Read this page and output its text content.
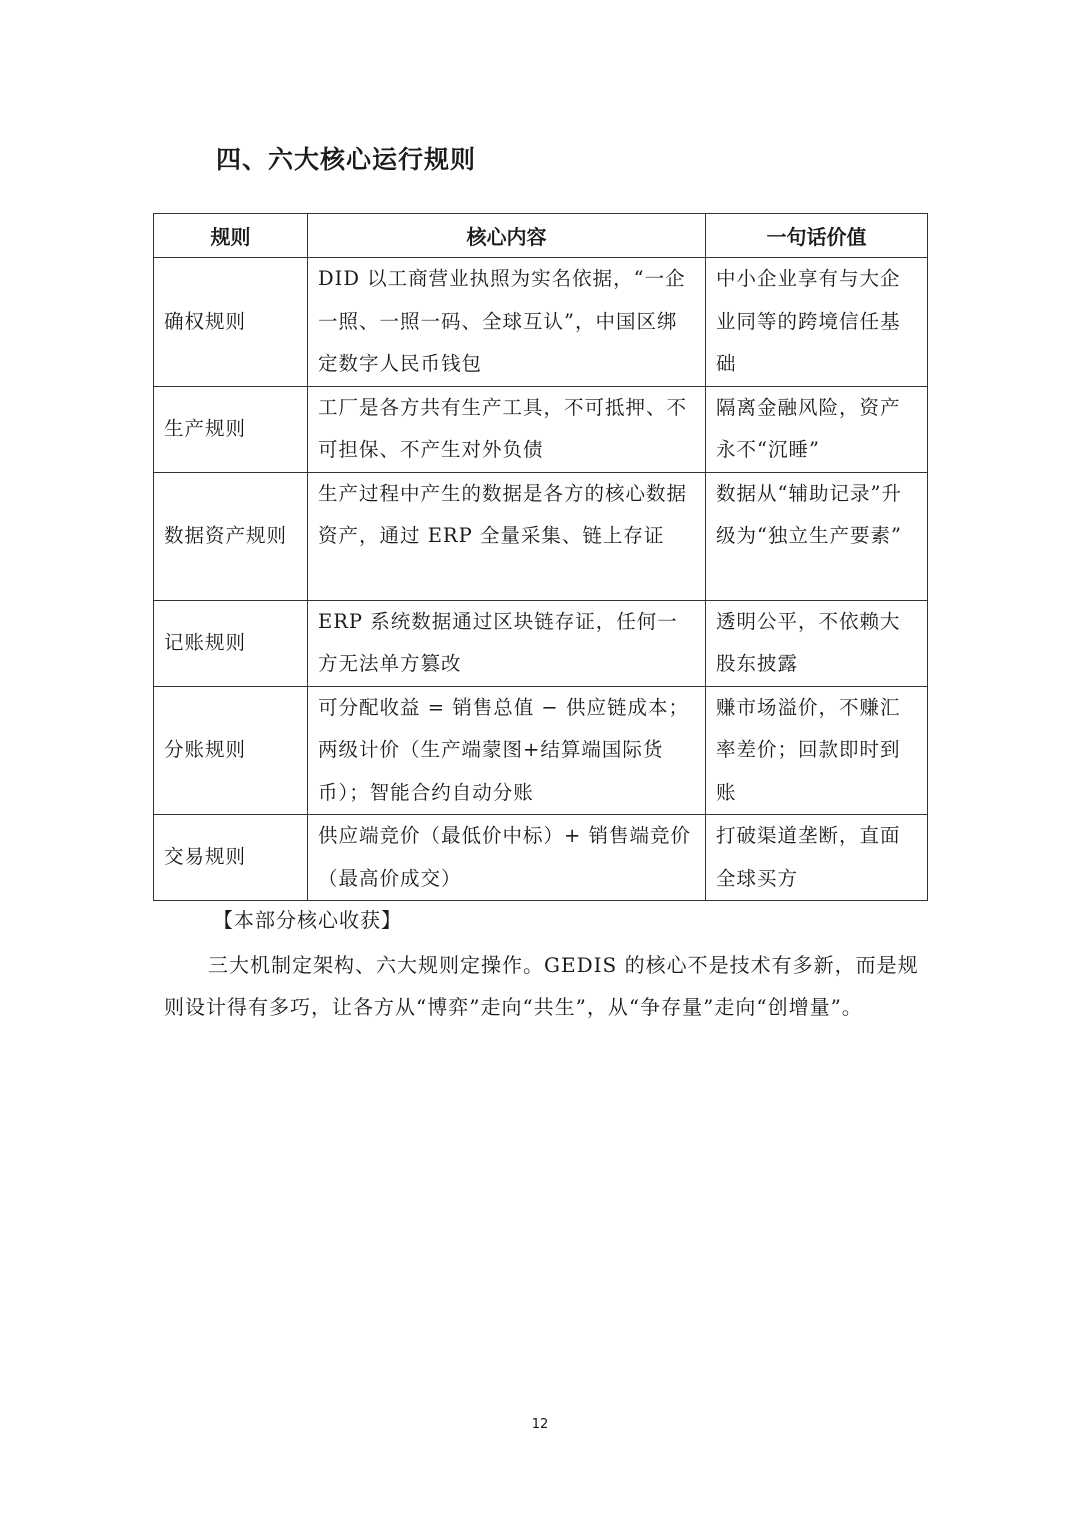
四、六大核心运行规则
规则	核心内容	一句话价值
确权规则	DID 以工商营业执照为实名依据，“一企一照、一照一码、全球互认”，中国区绑定数字人民币钱包	中小企业享有与大企业同等的跨境信任基础
生产规则	工厂是各方共有生产工具，不可抵押、不可担保、不产生对外负债	隔离金融风险，资产永不“沉睡”
数据资产规则	生产过程中产生的数据是各方的核心数据资产，通过 ERP 全量采集、链上存证	数据从“辅助记录”升级为“独立生产要素”
记账规则	ERP 系统数据通过区块链存证，任何一方无法单方篡改	透明公平，不依赖大股东披露
分账规则	可分配收益 = 销售总值 − 供应链成本；两级计价（生产端蒙图+结算端国际货币）；智能合约自动分账	赚市场溢价，不赚汇率差价；回款即时到账
交易规则	供应端竞价（最低价中标）+ 销售端竞价（最高价成交）	打破渠道垄断，直面全球买方
【本部分核心收获】

三大机制定架构、六大规则定操作。GEDIS 的核心不是技术有多新，而是规则设计得有多巧，让各方从“博弈”走向“共生”，从“争存量”走向“创增量”。

12
